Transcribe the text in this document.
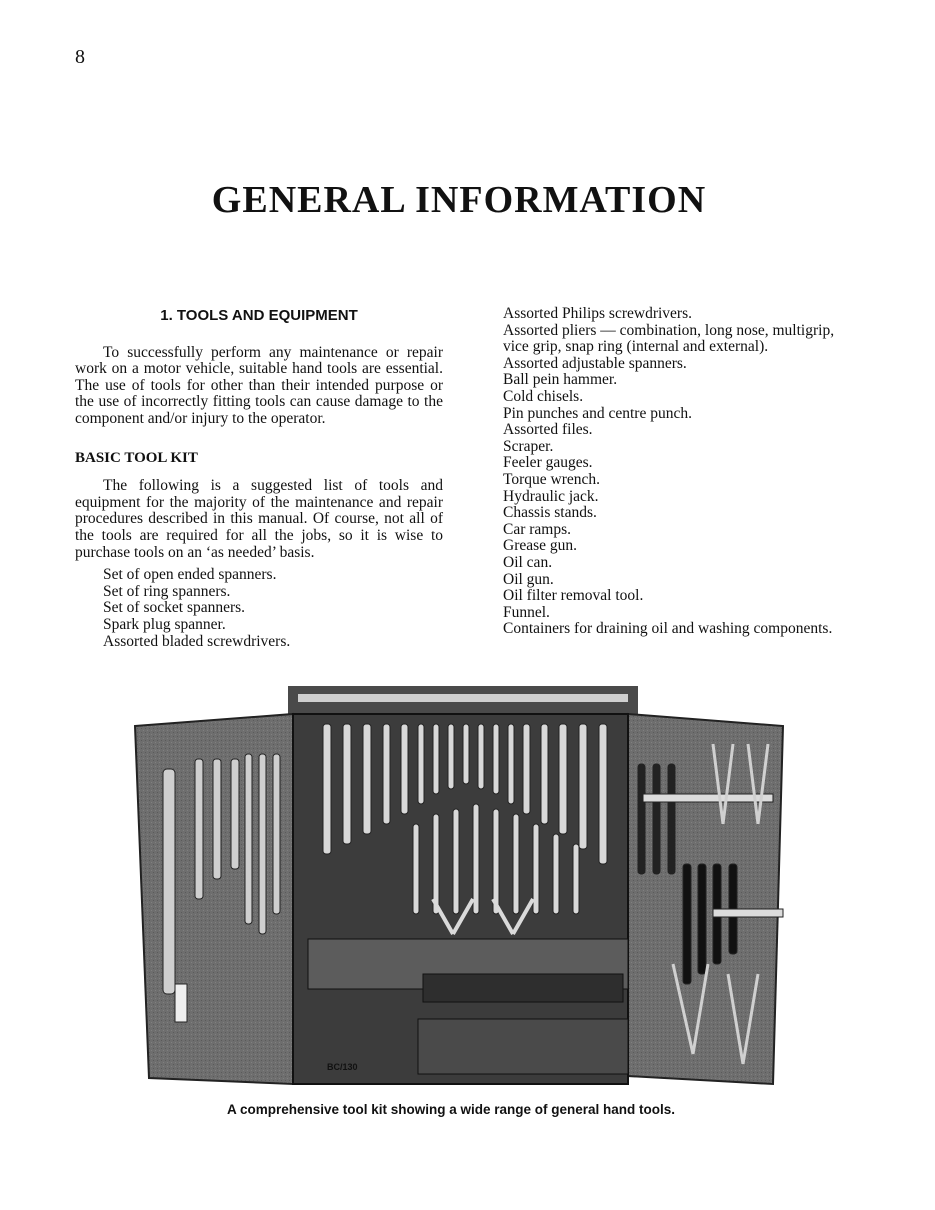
8
GENERAL INFORMATION
1. TOOLS AND EQUIPMENT

To successfully perform any maintenance or repair work on a motor vehicle, suitable hand tools are essential. The use of tools for other than their intended purpose or the use of incorrectly fitting tools can cause damage to the component and/or injury to the operator.

BASIC TOOL KIT

The following is a suggested list of tools and equipment for the majority of the maintenance and repair procedures described in this manual. Of course, not all of the tools are required for all the jobs, so it is wise to purchase tools on an ‘as needed’ basis.

Set of open ended spanners.
Set of ring spanners.
Set of socket spanners.
Spark plug spanner.
Assorted bladed screwdrivers.
Assorted Philips screwdrivers.
Assorted pliers — combination, long nose, multigrip, vice grip, snap ring (internal and external).
Assorted adjustable spanners.
Ball pein hammer.
Cold chisels.
Pin punches and centre punch.
Assorted files.
Scraper.
Feeler gauges.
Torque wrench.
Hydraulic jack.
Chassis stands.
Car ramps.
Grease gun.
Oil can.
Oil gun.
Oil filter removal tool.
Funnel.
Containers for draining oil and washing components.
BC/130
A comprehensive tool kit showing a wide range of general hand tools.
